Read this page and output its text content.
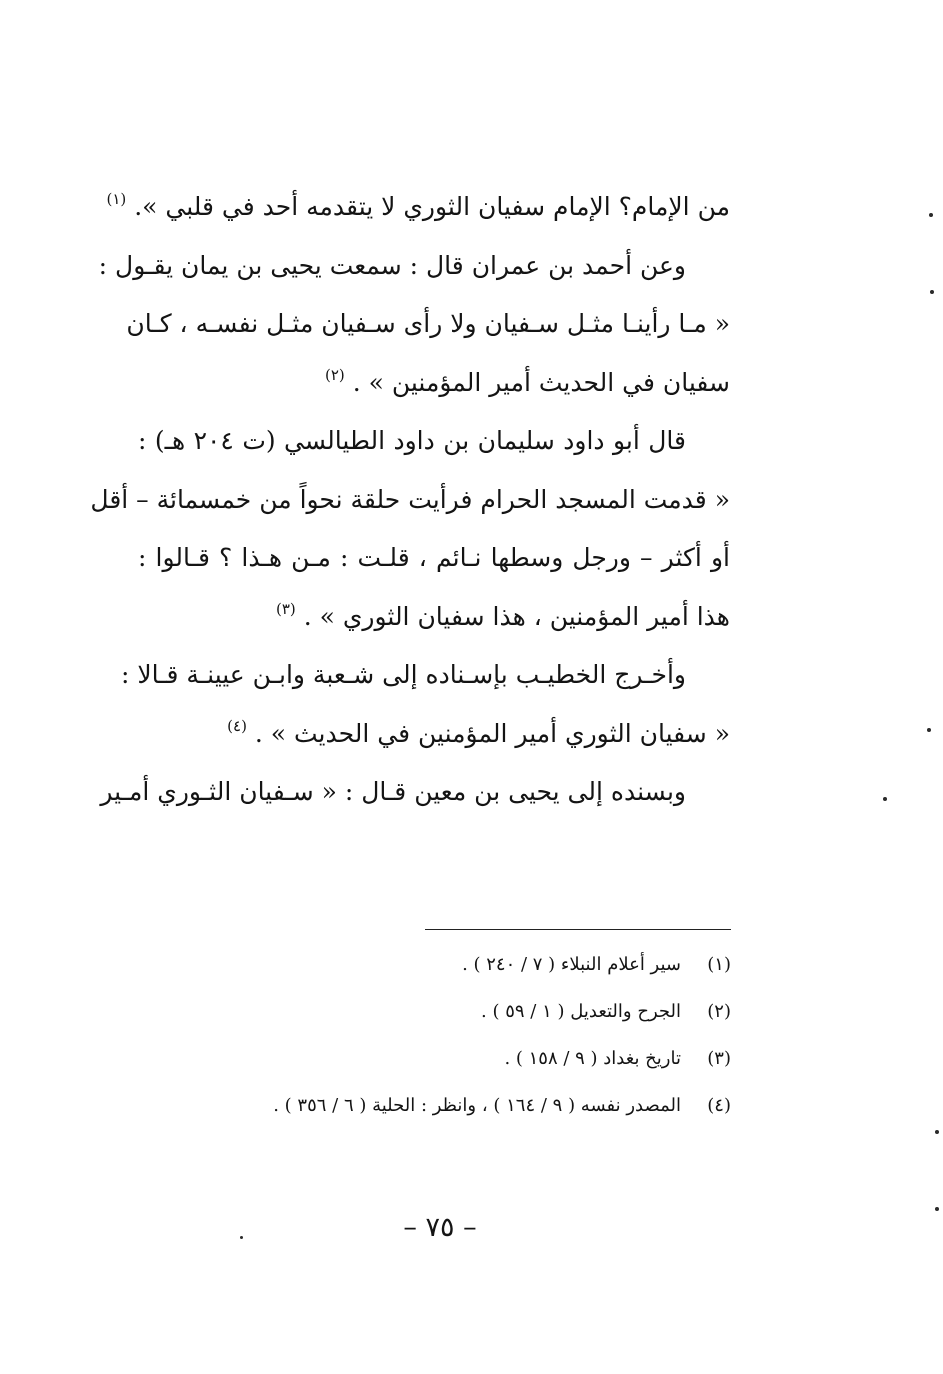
من الإمام؟ الإمام سفيان الثوري لا يتقدمه أحد في قلبي ». $^{(١)}$
وعن أحمد بن عمران قال : سمعت يحيى بن يمان يقـول :
« مـا رأينـا مثـل سـفيان ولا رأى سـفيان مثـل نفسـه ، كـان
سفيان في الحديث أمير المؤمنين » . $^{(٢)}$
قال أبو داود سليمان بن داود الطيالسي (ت ٢٠٤ هـ) :
« قدمت المسجد الحرام فرأيت حلقة نحواً من خمسمائة – أقل
أو أكثر – ورجل وسطها نـائم ، قلـت : مـن هـذا ؟ قـالوا :
هذا أمير المؤمنين ، هذا سفيان الثوري » . $^{(٣)}$
وأخـرج الخطيـب بإسـناده إلى شـعبة وابـن عيينـة قـالا :
« سفيان الثوري أمير المؤمنين في الحديث » . $^{(٤)}$
وبسنده إلى يحيى بن معين قـال : « سـفيان الثـوري أمـير
(١)سير أعلام النبلاء ( ٧ / ٢٤٠ ) .
(٢)الجرح والتعديل ( ١ / ٥٩ ) .
(٣)تاريخ بغداد ( ٩ / ١٥٨ ) .
(٤)المصدر نفسه ( ٩ / ١٦٤ ) ، وانظر : الحلية ( ٦ / ٣٥٦ ) .
– ٧٥ –
